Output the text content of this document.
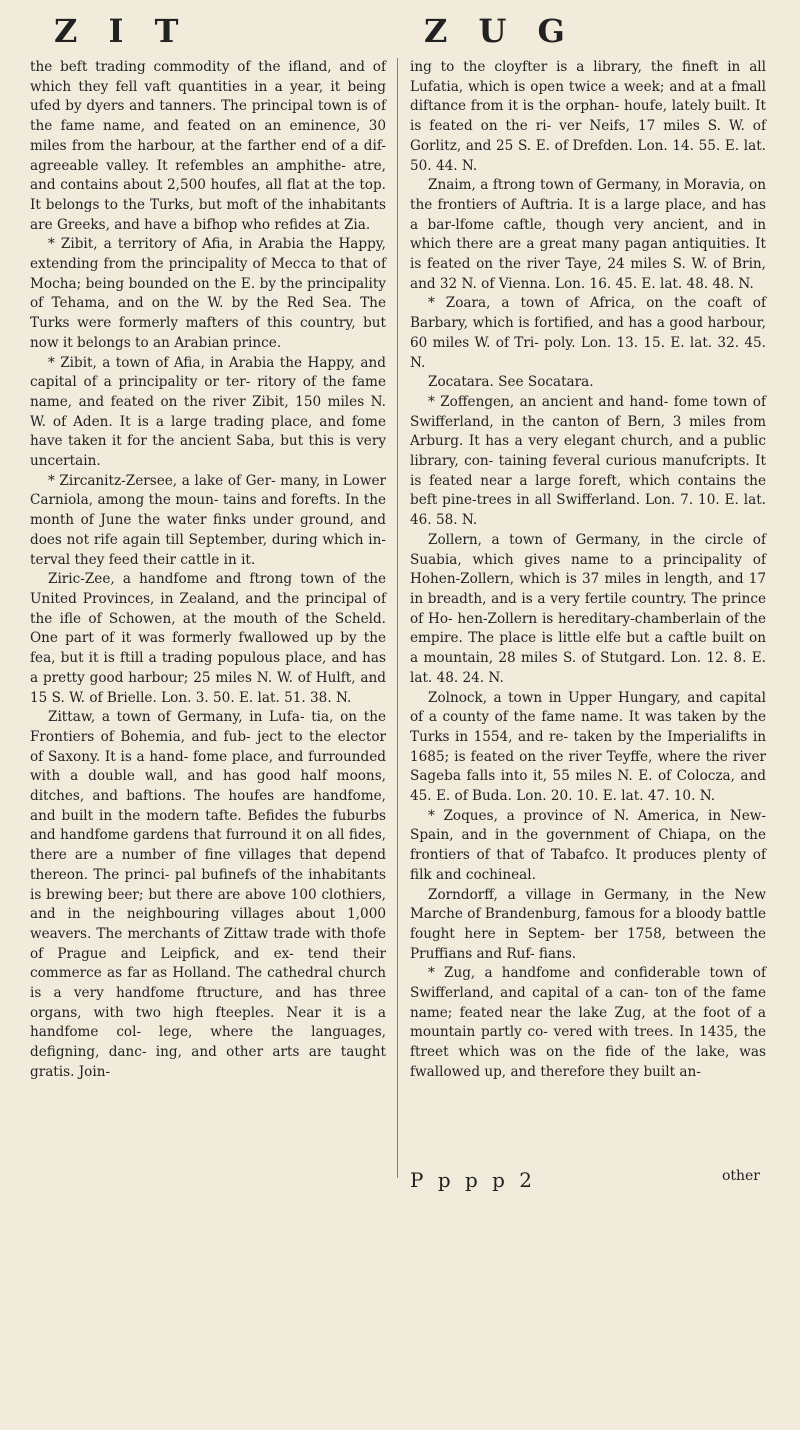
Z I T	Z U G

the beft trading commodity of the ifland, and of which they fell vaft quantities in a year, it being ufed by dyers and tanners. The principal town is of the fame name, and feated on an eminence, 30 miles from the harbour, at the farther end of a dif- agreeable valley. It refembles an amphithe- atre, and contains about 2,500 houfes, all flat at the top. It belongs to the Turks, but moft of the inhabitants are Greeks, and have a bifhop who refides at Zia.

* Zibit, a territory of Afia, in Arabia the Happy, extending from the principality of Mecca to that of Mocha; being bounded on the E. by the principality of Tehama, and on the W. by the Red Sea. The Turks were formerly mafters of this country, but now it belongs to an Arabian prince.

* Zibit, a town of Afia, in Arabia the Happy, and capital of a principality or ter- ritory of the fame name, and feated on the river Zibit, 150 miles N. W. of Aden. It is a large trading place, and fome have taken it for the ancient Saba, but this is very uncertain.

* Zircanitz-Zersee, a lake of Ger- many, in Lower Carniola, among the moun- tains and forefts. In the month of June the water finks under ground, and does not rife again till September, during which in- terval they feed their cattle in it.

Ziric-Zee, a handfome and ftrong town of the United Provinces, in Zealand, and the principal of the ifle of Schowen, at the mouth of the Scheld. One part of it was formerly fwallowed up by the fea, but it is ftill a trading populous place, and has a pretty good harbour; 25 miles N. W. of Hulft, and 15 S. W. of Brielle. Lon. 3. 50. E. lat. 51. 38. N.

Zittaw, a town of Germany, in Lufa- tia, on the Frontiers of Bohemia, and fub- ject to the elector of Saxony. It is a hand- fome place, and furrounded with a double wall, and has good half moons, ditches, and baftions. The houfes are handfome, and built in the modern tafte. Befides the fuburbs and handfome gardens that furround it on all fides, there are a number of fine villages that depend thereon. The princi- pal bufinefs of the inhabitants is brewing beer; but there are above 100 clothiers, and in the neighbouring villages about 1,000 weavers. The merchants of Zittaw trade with thofe of Prague and Leipfick, and ex- tend their commerce as far as Holland. The cathedral church is a very handfome ftructure, and has three organs, with two high fteeples. Near it is a handfome col- lege, where the languages, defigning, danc- ing, and other arts are taught gratis. Join-

ing to the cloyfter is a library, the fineft in all Lufatia, which is open twice a week; and at a fmall diftance from it is the orphan- houfe, lately built. It is feated on the ri- ver Neifs, 17 miles S. W. of Gorlitz, and 25 S. E. of Drefden. Lon. 14. 55. E. lat. 50. 44. N.

Znaim, a ftrong town of Germany, in Moravia, on the frontiers of Auftria. It is a large place, and has a bar-lfome caftle, though very ancient, and in which there are a great many pagan antiquities. It is feated on the river Taye, 24 miles S. W. of Brin, and 32 N. of Vienna. Lon. 16. 45. E. lat. 48. 48. N.

* Zoara, a town of Africa, on the coaft of Barbary, which is fortified, and has a good harbour, 60 miles W. of Tri- poly. Lon. 13. 15. E. lat. 32. 45. N.

Zocatara. See Socatara.

* Zoffengen, an ancient and hand- fome town of Swifferland, in the canton of Bern, 3 miles from Arburg. It has a very elegant church, and a public library, con- taining feveral curious manufcripts. It is feated near a large foreft, which contains the beft pine-trees in all Swifferland. Lon. 7. 10. E. lat. 46. 58. N.

Zollern, a town of Germany, in the circle of Suabia, which gives name to a principality of Hohen-Zollern, which is 37 miles in length, and 17 in breadth, and is a very fertile country. The prince of Ho- hen-Zollern is hereditary-chamberlain of the empire. The place is little elfe but a caftle built on a mountain, 28 miles S. of Stutgard. Lon. 12. 8. E. lat. 48. 24. N.

Zolnock, a town in Upper Hungary, and capital of a county of the fame name. It was taken by the Turks in 1554, and re- taken by the Imperialifts in 1685; is feated on the river Teyffe, where the river Sageba falls into it, 55 miles N. E. of Colocza, and 45. E. of Buda. Lon. 20. 10. E. lat. 47. 10. N.

* Zoques, a province of N. America, in New-Spain, and in the government of Chiapa, on the frontiers of that of Tabafco. It produces plenty of filk and cochineal.

Zorndorff, a village in Germany, in the New Marche of Brandenburg, famous for a bloody battle fought here in Septem- ber 1758, between the Pruffians and Ruf- fians.

* Zug, a handfome and confiderable town of Swifferland, and capital of a can- ton of the fame name; feated near the lake Zug, at the foot of a mountain partly co- vered with trees. In 1435, the ftreet which was on the fide of the lake, was fwallowed up, and therefore they built an-

P p p p 2	other
